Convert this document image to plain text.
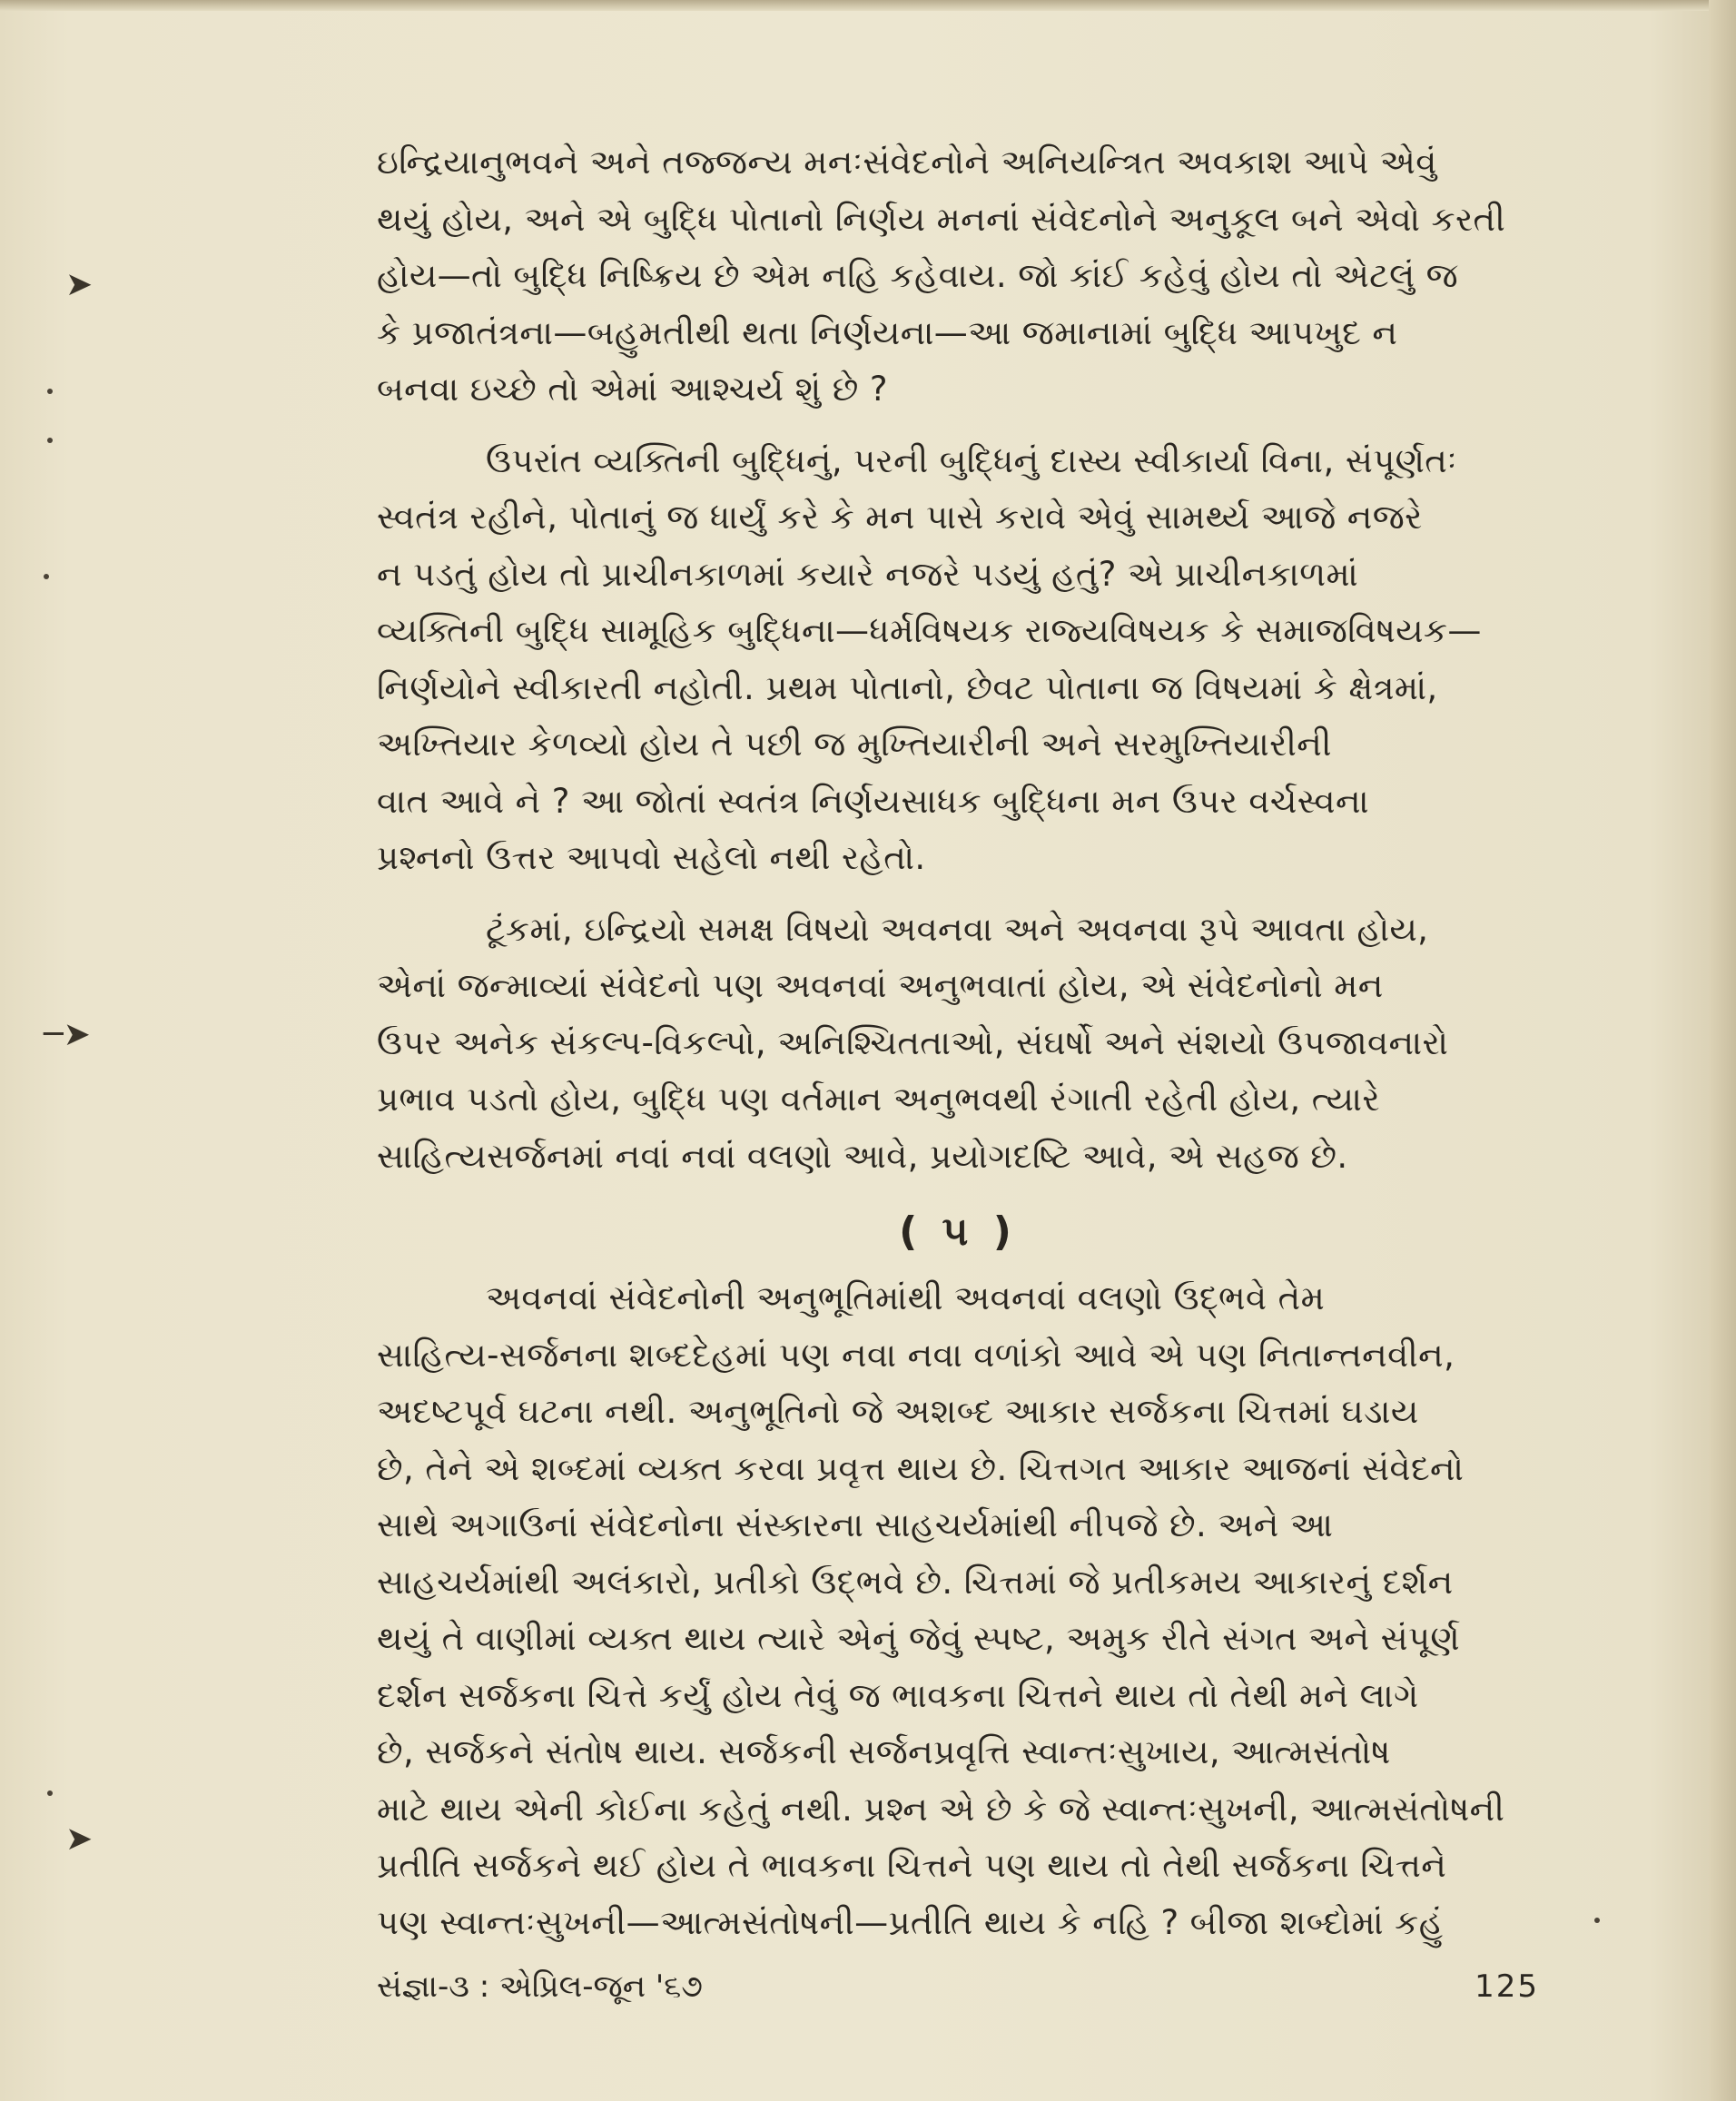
➤
─➤
➤
ઇન્દ્રિયાનુભવને અને તજ્જન્ય મનઃસંવેદનોને અનિયન્ત્રિત અવકાશ આપે એવું
થયું હોય, અને એ બુદ્ધિ પોતાનો નિર્ણય મનનાં સંવેદનોને અનુકૂલ બને એવો કરતી
હોય—તો બુદ્ધિ નિષ્ક્રિય છે એમ નહિ કહેવાય. જો કાંઈ કહેવું હોય તો એટલું જ
કે પ્રજાતંત્રના—બહુમતીથી થતા નિર્ણયના—આ જમાનામાં બુદ્ધિ આપખુદ ન
બનવા ઇચ્છે તો એમાં આશ્ચર્ય શું છે ?
ઉપરાંત વ્યક્તિની બુદ્ધિનું, પરની બુદ્ધિનું દાસ્ય સ્વીકાર્યા વિના, સંપૂર્ણતઃ
સ્વતંત્ર રહીને, પોતાનું જ ધાર્યું કરે કે મન પાસે કરાવે એવું સામર્થ્ય આજે નજરે
ન પડતું હોય તો પ્રાચીનકાળમાં કયારે નજરે પડયું હતું? એ પ્રાચીનકાળમાં
વ્યક્તિની બુદ્ધિ સામૂહિક બુદ્ધિના—ધર્મવિષયક રાજ્યવિષયક કે સમાજવિષયક—
નિર્ણયોને સ્વીકારતી નહોતી. પ્રથમ પોતાનો, છેવટ પોતાના જ વિષયમાં કે ક્ષેત્રમાં,
અખ્તિયાર કેળવ્યો હોય તે પછી જ મુખ્તિયારીની અને સરમુખ્તિયારીની
વાત આવે ને ? આ જોતાં સ્વતંત્ર નિર્ણયસાધક બુદ્ધિના મન ઉપર વર્ચસ્વના
પ્રશ્નનો ઉત્તર આપવો સહેલો નથી રહેતો.
ટૂંકમાં, ઇન્દ્રિયો સમક્ષ વિષયો અવનવા અને અવનવા રૂપે આવતા હોય,
એનાં જન્માવ્યાં સંવેદનો પણ અવનવાં અનુભવાતાં હોય, એ સંવેદનોનો મન
ઉપર અનેક સંકલ્પ-વિકલ્પો, અનિશ્ચિતતાઓ, સંઘર્ષો અને સંશયો ઉપજાવનારો
પ્રભાવ પડતો હોય, બુદ્ધિ પણ વર્તમાન અનુભવથી રંગાતી રહેતી હોય, ત્યારે
સાહિત્યસર્જનમાં નવાં નવાં વલણો આવે, પ્રયોગદષ્ટિ આવે, એ સહજ છે.
( ૫ )
અવનવાં સંવેદનોની અનુભૂતિમાંથી અવનવાં વલણો ઉદ્ભવે તેમ
સાહિત્ય-સર્જનના શબ્દદેહમાં પણ નવા નવા વળાંકો આવે એ પણ નિતાન્તનવીન,
અદષ્ટપૂર્વ ઘટના નથી. અનુભૂતિનો જે અશબ્દ આકાર સર્જકના ચિત્તમાં ઘડાય
છે, તેને એ શબ્દમાં વ્યક્ત કરવા પ્રવૃત્ત થાય છે. ચિત્તગત આકાર આજનાં સંવેદનો
સાથે અગાઉનાં સંવેદનોના સંસ્કારના સાહચર્યમાંથી નીપજે છે. અને આ
સાહચર્યમાંથી અલંકારો, પ્રતીકો ઉદ્ભવે છે. ચિત્તમાં જે પ્રતીકમય આકારનું દર્શન
થયું તે વાણીમાં વ્યક્ત થાય ત્યારે એનું જેવું સ્પષ્ટ, અમુક રીતે સંગત અને સંપૂર્ણ
દર્શન સર્જકના ચિત્તે કર્યું હોય તેવું જ ભાવકના ચિત્તને થાય તો તેથી મને લાગે
છે, સર્જકને સંતોષ થાય. સર્જકની સર્જનપ્રવૃત્તિ સ્વાન્તઃસુખાય, આત્મસંતોષ
માટે થાય એની કોઈના કહેતું નથી. પ્રશ્ન એ છે કે જે સ્વાન્તઃસુખની, આત્મસંતોષની
પ્રતીતિ સર્જકને થઈ હોય તે ભાવકના ચિત્તને પણ થાય તો તેથી સર્જકના ચિત્તને
પણ સ્વાન્તઃસુખની—આત્મસંતોષની—પ્રતીતિ થાય કે નહિ ? બીજા શબ્દોમાં કહું
સંજ્ઞા-૩ : એપ્રિલ-જૂન '૬૭	125
